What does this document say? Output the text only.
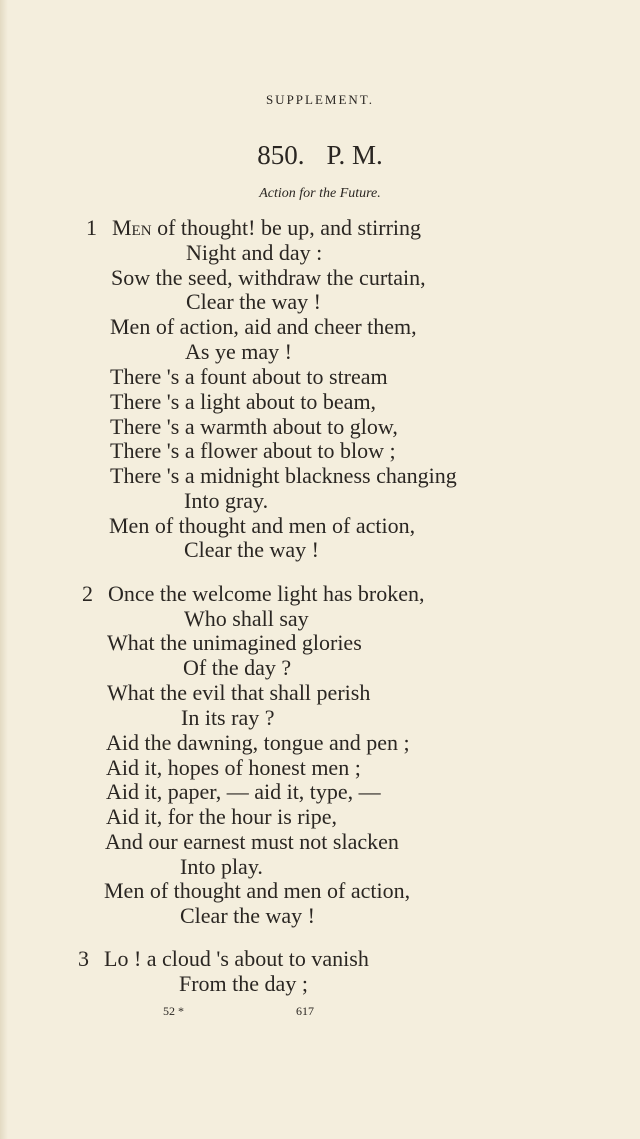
SUPPLEMENT.
850. P. M.
Action for the Future.
1 Men of thought! be up, and stirring
Night and day :
Sow the seed, withdraw the curtain,
Clear the way !
Men of action, aid and cheer them,
As ye may !
There 's a fount about to stream
There 's a light about to beam,
There 's a warmth about to glow,
There 's a flower about to blow ;
There 's a midnight blackness changing
Into gray.
Men of thought and men of action,
Clear the way !
2 Once the welcome light has broken,
Who shall say
What the unimagined glories
Of the day ?
What the evil that shall perish
In its ray ?
Aid the dawning, tongue and pen ;
Aid it, hopes of honest men ;
Aid it, paper, — aid it, type, —
Aid it, for the hour is ripe,
And our earnest must not slacken
Into play.
Men of thought and men of action,
Clear the way !
3 Lo ! a cloud 's about to vanish
From the day ;
52 *	617
